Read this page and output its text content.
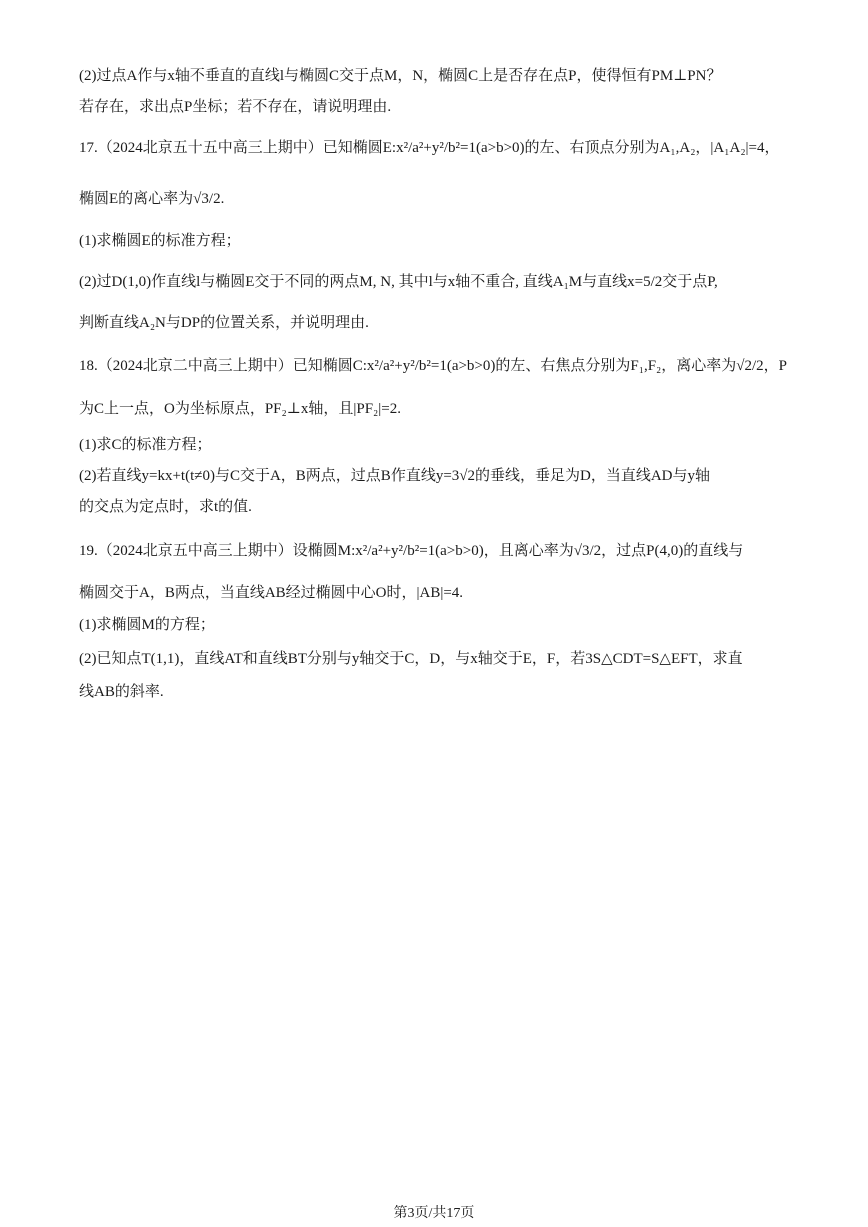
(2)过点A作与x轴不垂直的直线l与椭圆C交于点M，N，椭圆C上是否存在点P，使得恒有PM⊥PN？
若存在，求出点P坐标；若不存在，请说明理由.
17.（2024北京五十五中高三上期中）已知椭圆E:x²/a²+y²/b²=1(a>b>0)的左、右顶点分别为A₁,A₂，|A₁A₂|=4，
椭圆E的离心率为√3/2.
(1)求椭圆E的标准方程；
(2)过D(1,0)作直线l与椭圆E交于不同的两点M, N, 其中l与x轴不重合, 直线A₁M与直线x=5/2交于点P,
判断直线A₂N与DP的位置关系，并说明理由.
18.（2024北京二中高三上期中）已知椭圆C:x²/a²+y²/b²=1(a>b>0)的左、右焦点分别为F₁,F₂，离心率为√2/2，P
为C上一点，O为坐标原点，PF₂⊥x轴，且|PF₂|=2.
(1)求C的标准方程；
(2)若直线y=kx+t(t≠0)与C交于A，B两点，过点B作直线y=3√2的垂线，垂足为D，当直线AD与y轴
的交点为定点时，求t的值.
19.（2024北京五中高三上期中）设椭圆M:x²/a²+y²/b²=1(a>b>0)，且离心率为√3/2，过点P(4,0)的直线与
椭圆交于A，B两点，当直线AB经过椭圆中心O时，|AB|=4.
(1)求椭圆M的方程；
(2)已知点T(1,1)，直线AT和直线BT分别与y轴交于C，D，与x轴交于E，F，若3S△CDT=S△EFT，求直
线AB的斜率.
第3页/共17页
